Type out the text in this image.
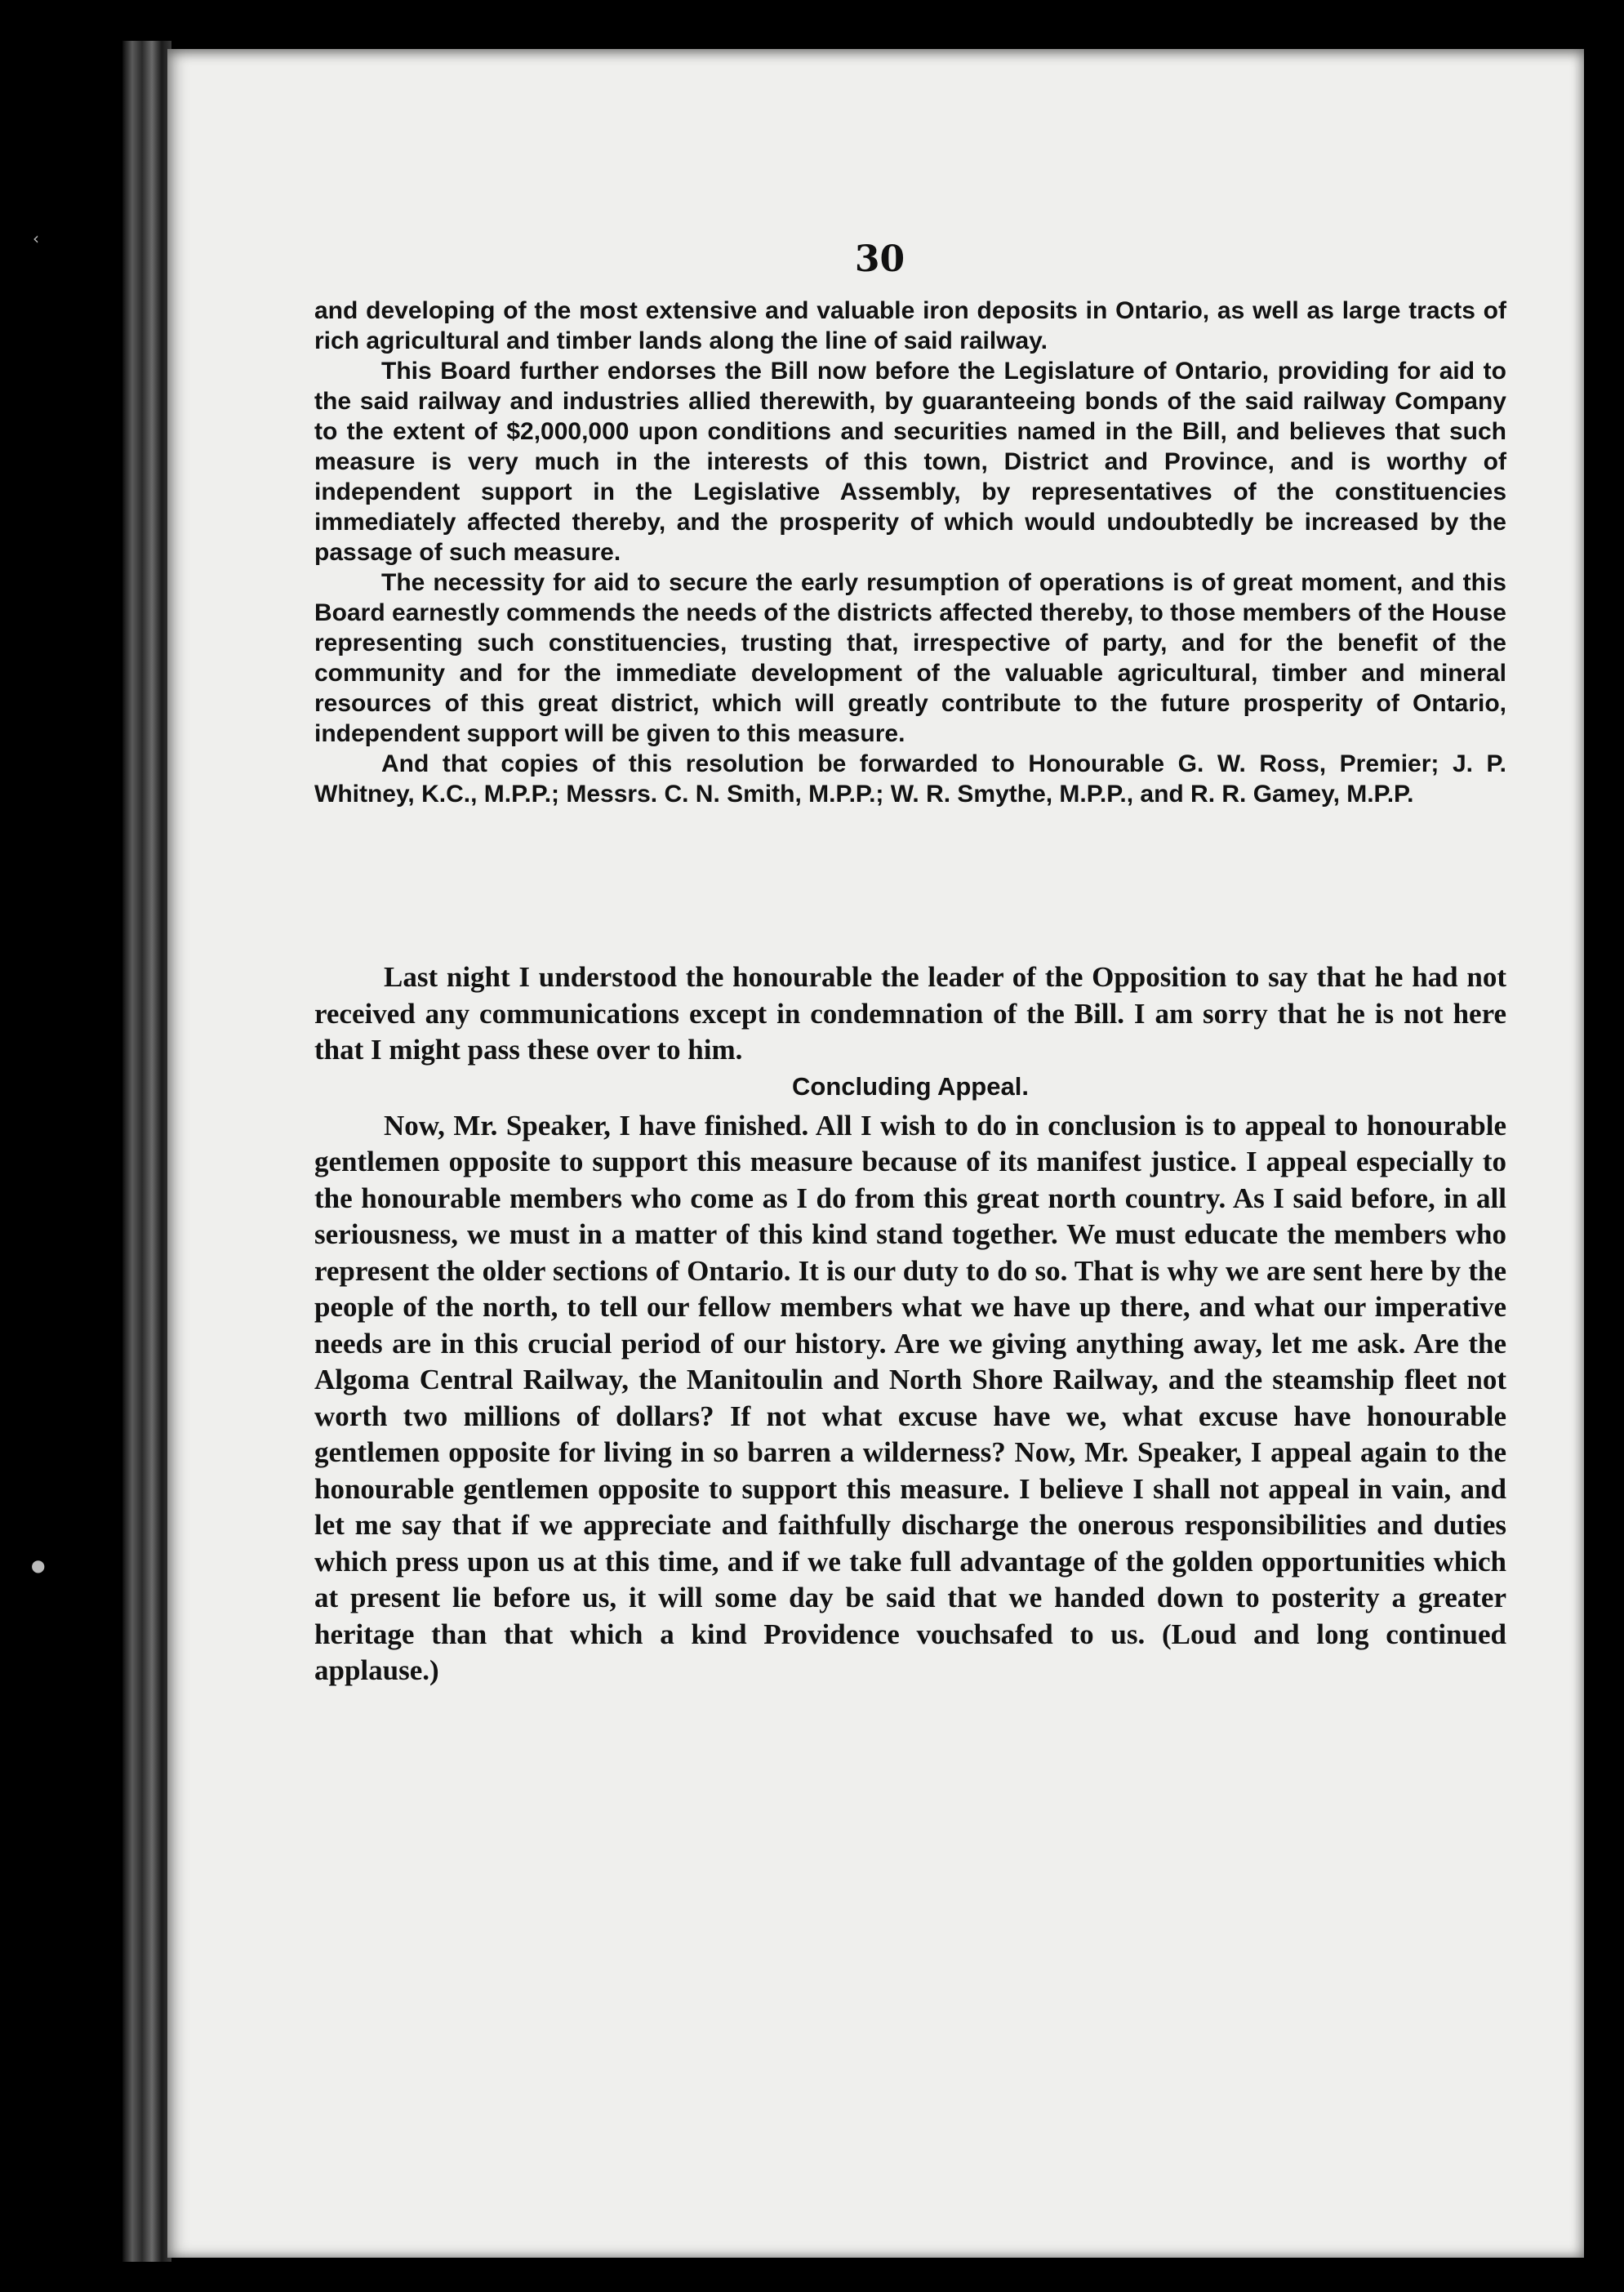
‹
●
30

and developing of the most extensive and valuable iron deposits in Ontario, as well as large tracts of rich agricultural and timber lands along the line of said railway.

This Board further endorses the Bill now before the Legislature of Ontario, providing for aid to the said railway and industries allied therewith, by guaranteeing bonds of the said railway Company to the extent of $2,000,000 upon conditions and securities named in the Bill, and believes that such measure is very much in the interests of this town, District and Province, and is worthy of independent support in the Legislative Assembly, by representatives of the constituencies immediately affected thereby, and the prosperity of which would undoubtedly be increased by the passage of such measure.

The necessity for aid to secure the early resumption of operations is of great moment, and this Board earnestly commends the needs of the districts affected thereby, to those members of the House representing such constituencies, trusting that, irrespective of party, and for the benefit of the community and for the immediate development of the valuable agricultural, timber and mineral resources of this great district, which will greatly contribute to the future prosperity of Ontario, independent support will be given to this measure.

And that copies of this resolution be forwarded to Honourable G. W. Ross, Premier; J. P. Whitney, K.C., M.P.P.; Messrs. C. N. Smith, M.P.P.; W. R. Smythe, M.P.P., and R. R. Gamey, M.P.P.

Last night I understood the honourable the leader of the Opposition to say that he had not received any communications except in condemnation of the Bill. I am sorry that he is not here that I might pass these over to him.

Concluding Appeal.

Now, Mr. Speaker, I have finished. All I wish to do in conclusion is to appeal to honourable gentlemen opposite to support this measure because of its manifest justice. I appeal especially to the honourable members who come as I do from this great north country. As I said before, in all seriousness, we must in a matter of this kind stand together. We must educate the members who represent the older sections of Ontario. It is our duty to do so. That is why we are sent here by the people of the north, to tell our fellow members what we have up there, and what our imperative needs are in this crucial period of our history. Are we giving anything away, let me ask. Are the Algoma Central Railway, the Manitoulin and North Shore Railway, and the steamship fleet not worth two millions of dollars? If not what excuse have we, what excuse have honourable gentlemen opposite for living in so barren a wilderness? Now, Mr. Speaker, I appeal again to the honourable gentlemen opposite to support this measure. I believe I shall not appeal in vain, and let me say that if we appreciate and faithfully discharge the onerous responsibilities and duties which press upon us at this time, and if we take full advantage of the golden opportunities which at present lie before us, it will some day be said that we handed down to posterity a greater heritage than that which a kind Providence vouchsafed to us. (Loud and long continued applause.)
